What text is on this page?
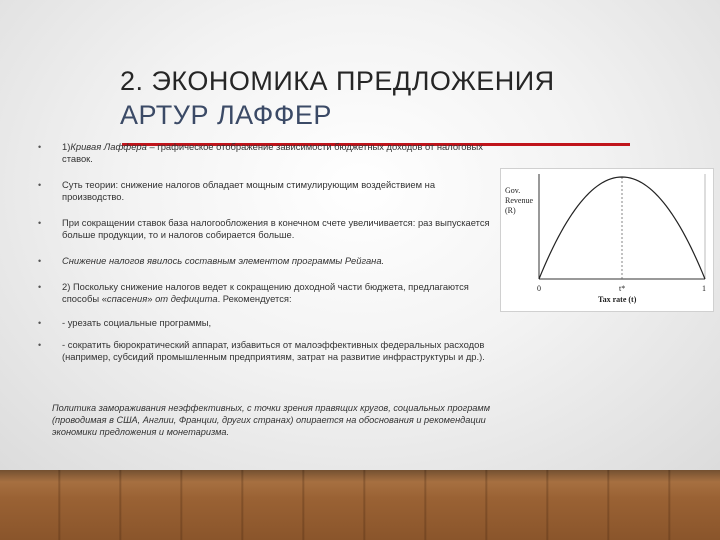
2. ЭКОНОМИКА ПРЕДЛОЖЕНИЯ
АРТУР ЛАФФЕР
• 1)Кривая Лаффера – графическое отображение зависимости бюджетных доходов от налоговых ставок.
• Суть теории: снижение налогов обладает мощным стимулирующим воздействием на производство.
• При сокращении ставок база налогообложения в конечном счете увеличивается: раз выпускается больше продукции, то и налогов собирается больше.
• Снижение налогов явилось составным элементом программы Рейгана.
• 2) Поскольку снижение налогов ведет к сокращению доходной части бюджета, предлагаются способы «спасения» от дефицита. Рекомендуется:
• - урезать социальные программы,
• - сократить бюрократический аппарат, избавиться от малоэффективных федеральных расходов (например, субсидий промышленным предприятиям, затрат на развитие инфраструктуры и др.).
Политика замораживания неэффективных, с точки зрения правящих кругов, социальных программ (проводимая в США, Англии, Франции, других странах) опирается на обоснования и рекомендации экономики предложения и монетаризма.
Gov.
Revenue
(R)
0	t*	1
Tax rate (t)
